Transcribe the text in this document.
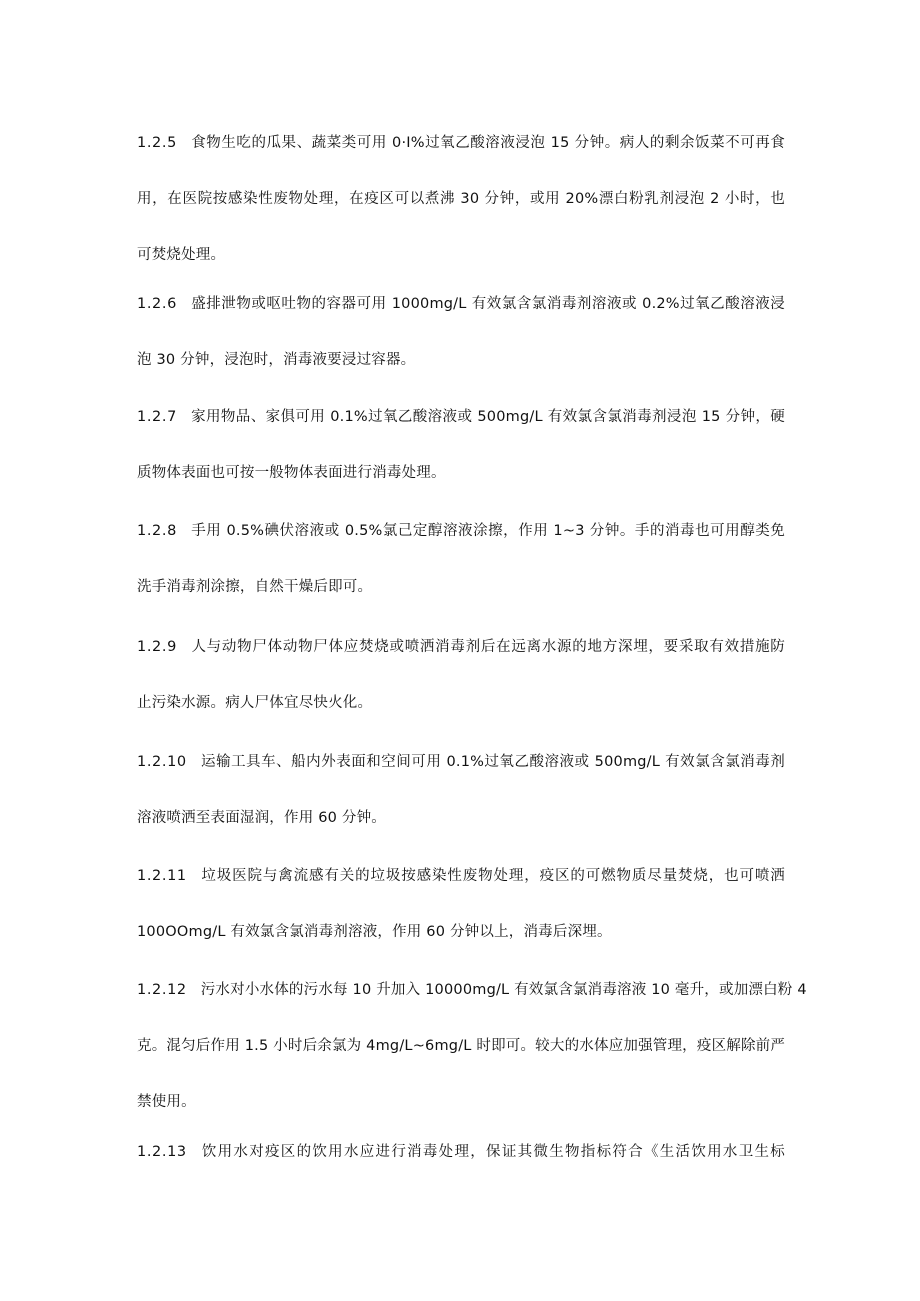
1.2.5 食物生吃的瓜果、蔬菜类可用 0·I%过氧乙酸溶液浸泡 15 分钟。病人的剩余饭菜不可再食
用，在医院按感染性废物处理，在疫区可以煮沸 30 分钟，或用 20%漂白粉乳剂浸泡 2 小时，也
可焚烧处理。
1.2.6 盛排泄物或呕吐物的容器可用 1000mg∕L 有效氯含氯消毒剂溶液或 0.2%过氧乙酸溶液浸
泡 30 分钟，浸泡时，消毒液要浸过容器。
1.2.7 家用物品、家俱可用 0.1%过氧乙酸溶液或 500mg∕L 有效氯含氯消毒剂浸泡 15 分钟，硬
质物体表面也可按一般物体表面进行消毒处理。
1.2.8 手用 0.5%碘伏溶液或 0.5%氯己定醇溶液涂擦，作用 1~3 分钟。手的消毒也可用醇类免
洗手消毒剂涂擦，自然干燥后即可。
1.2.9 人与动物尸体动物尸体应焚烧或喷洒消毒剂后在远离水源的地方深埋，要采取有效措施防
止污染水源。病人尸体宜尽快火化。
1.2.10 运输工具车、船内外表面和空间可用 0.1%过氧乙酸溶液或 500mg∕L 有效氯含氯消毒剂
溶液喷洒至表面湿润，作用 60 分钟。
1.2.11 垃圾医院与禽流感有关的垃圾按感染性废物处理，疫区的可燃物质尽量焚烧，也可喷洒
100OOmg/L 有效氯含氯消毒剂溶液，作用 60 分钟以上，消毒后深埋。
1.2.12 污水对小水体的污水每 10 升加入 10000mg∕L 有效氯含氯消毒溶液 10 毫升，或加漂白粉 4
克。混匀后作用 1.5 小时后余氯为 4mg∕L~6mg/L 时即可。较大的水体应加强管理，疫区解除前严
禁使用。
1.2.13 饮用水对疫区的饮用水应进行消毒处理，保证其微生物指标符合《生活饮用水卫生标
